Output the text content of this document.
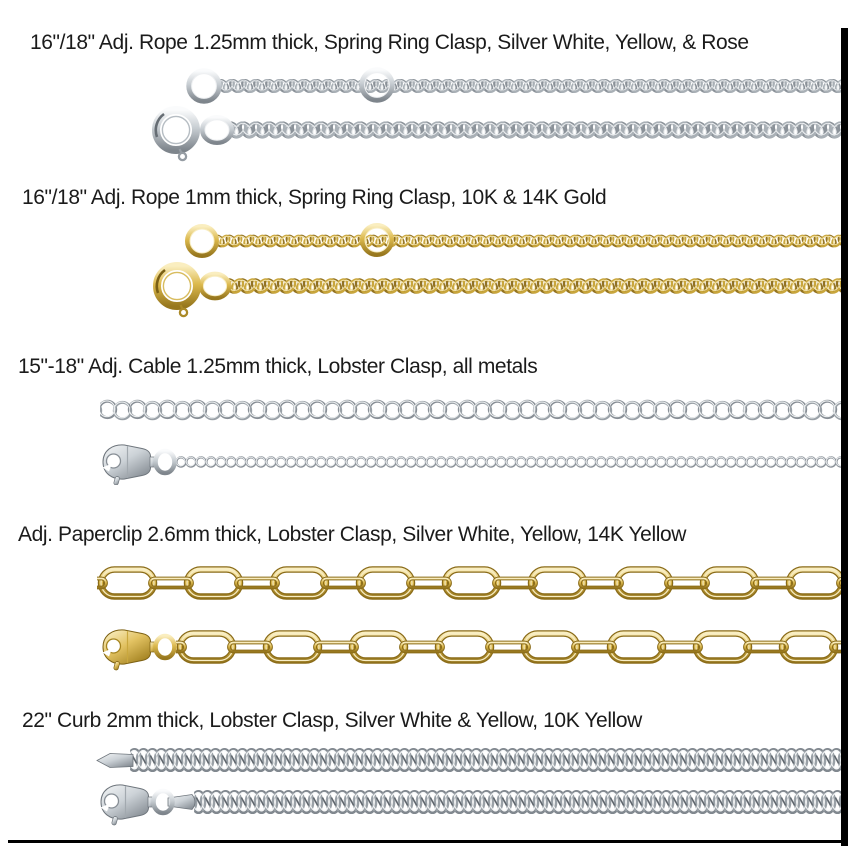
16"/18" Adj. Rope 1.25mm thick, Spring Ring Clasp, Silver White, Yellow, & Rose
16"/18" Adj. Rope 1mm thick, Spring Ring Clasp, 10K & 14K Gold
15"-18" Adj. Cable 1.25mm thick, Lobster Clasp, all metals
Adj. Paperclip 2.6mm thick, Lobster Clasp, Silver White, Yellow, 14K Yellow
22" Curb 2mm thick, Lobster Clasp, Silver White & Yellow, 10K Yellow
